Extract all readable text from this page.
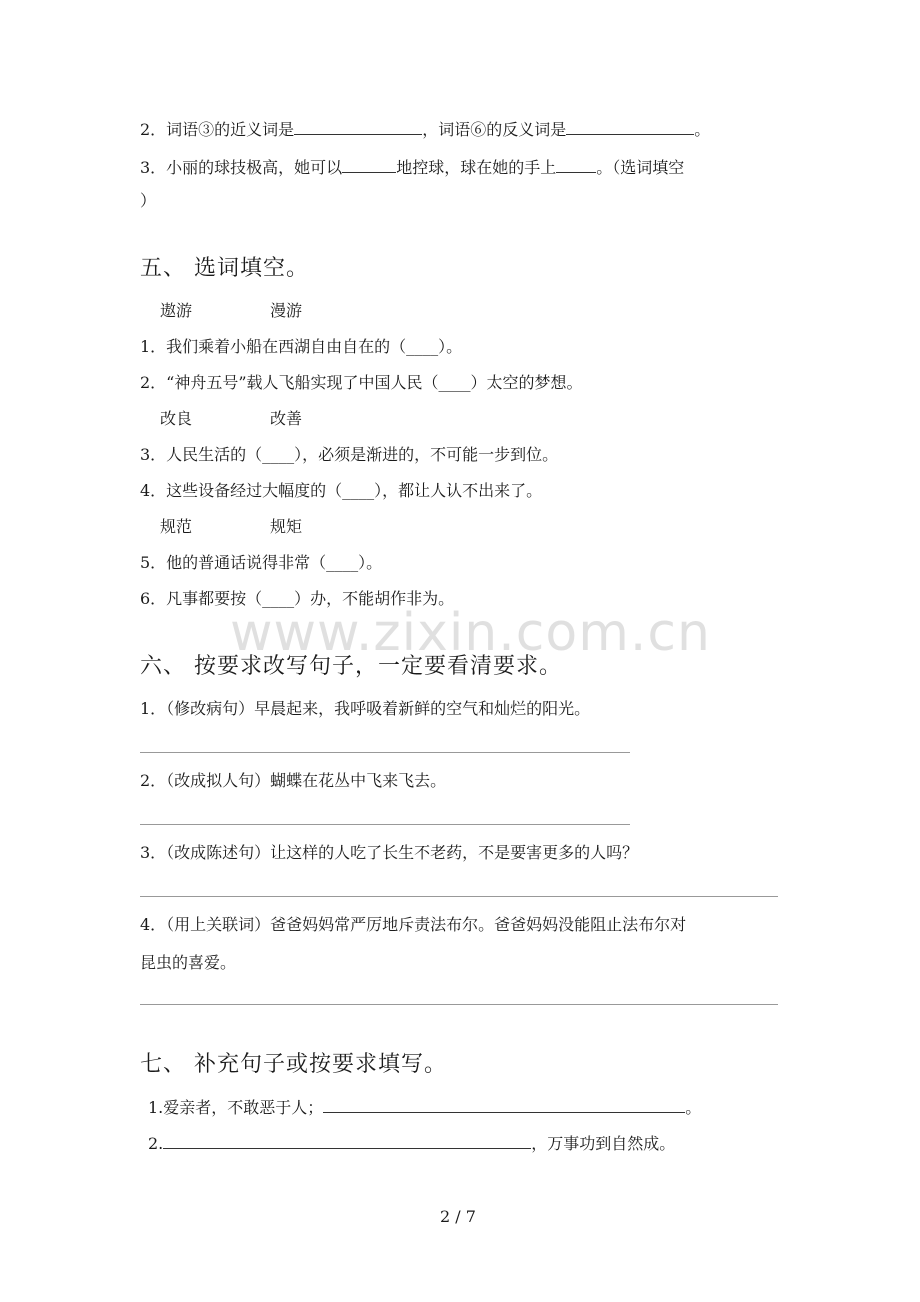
www.zixin.com.cn
2．词语③的近义词是	，词语⑥的反义词是	。
3．小丽的球技极高，她可以	地控球，球在她的手上	。（选词填空
）
五、 选词填空。
遨游	漫游
1．我们乘着小船在西湖自由自在的（____）。
2．“神舟五号”载人飞船实现了中国人民（____）太空的梦想。
改良	改善
3．人民生活的（____），必须是渐进的，不可能一步到位。
4．这些设备经过大幅度的（____），都让人认不出来了。
规范	规矩
5．他的普通话说得非常（____）。
6．凡事都要按（____）办，不能胡作非为。
六、 按要求改写句子，一定要看清要求。
1．（修改病句）早晨起来，我呼吸着新鲜的空气和灿烂的阳光。
2．（改成拟人句）蝴蝶在花丛中飞来飞去。
3．（改成陈述句）让这样的人吃了长生不老药，不是要害更多的人吗？
4．（用上关联词）爸爸妈妈常严厉地斥责法布尔。爸爸妈妈没能阻止法布尔对
昆虫的喜爱。
七、 补充句子或按要求填写。
1.爱亲者，不敢恶于人；	。
2.	，万事功到自然成。
2 / 7
